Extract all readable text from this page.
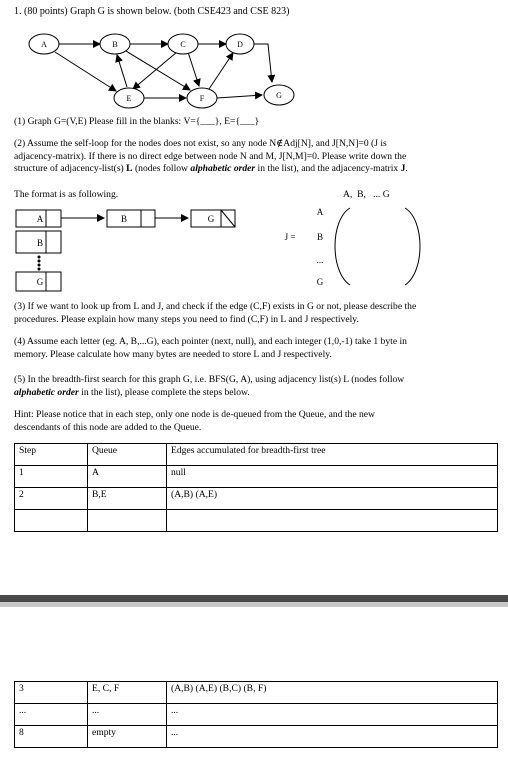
1. (80 points) Graph G is shown below. (both CSE423 and CSE 823)
A	B	C	D
E	F	G
A	B	G
B
G
J =
A
B
...
G
(1) Graph G=(V,E) Please fill in the blanks: V={___}, E={___}

(2) Assume the self-loop for the nodes does not exist, so any node N∉Adj[N], and J[N,N]=0 (J is

adjacency-matrix). If there is no direct edge between node N and M, J[N,M]=0. Please write down the

structure of adjacency-list(s) L (nodes follow alphabetic order in the list), and the adjacency-matrix J.

The format is as following.	A,  B,   ... G

(3) If we want to look up from L and J, and check if the edge (C,F) exists in G or not, please describe the

procedures. Please explain how many steps you need to find (C,F) in L and J respectively.

(4) Assume each letter (eg. A, B,...G), each pointer (next, null), and each integer (1,0,-1) take 1 byte in

memory. Please calculate how many bytes are needed to store L and J respectively.

(5) In the breadth-first search for this graph G, i.e. BFS(G, A), using adjacency list(s) L (nodes follow

alphabetic order in the list), please complete the steps below.

Hint: Please notice that in each step, only one node is de-queued from the Queue, and the new

descendants of this node are added to the Queue.

Step	Queue	Edges accumulated for breadth-first tree
1	A	null
2	B,E	(A,B) (A,E)

3	E, C, F	(A,B) (A,E) (B,C) (B, F)
...	...	...
8	empty	...
